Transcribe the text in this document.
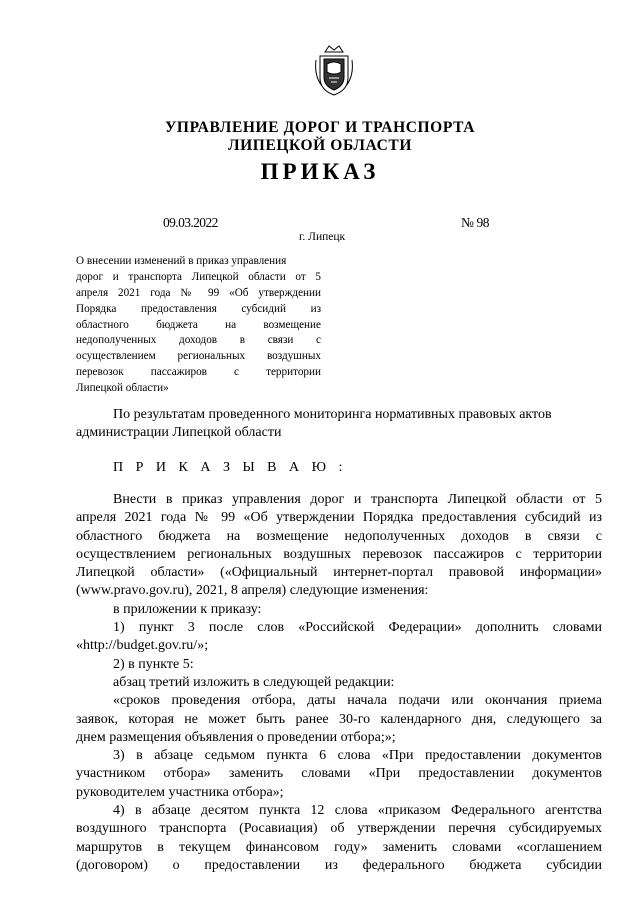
УПРАВЛЕНИЕ ДОРОГ И ТРАНСПОРТА
ЛИПЕЦКОЙ ОБЛАСТИ
ПРИКАЗ
09.03.2022	№ 98
г. Липецк
О внесении изменений в приказ управления
дорог и транспорта Липецкой области от 5
апреля 2021 года № 99 «Об утверждении
Порядка предоставления субсидий из
областного бюджета на возмещение
недополученных доходов в связи с
осуществлением региональных воздушных
перевозок пассажиров с территории
Липецкой области»
По результатам проведенного мониторинга нормативных правовых актов
администрации Липецкой области
П Р И К А З Ы В А Ю :
Внести в приказ управления дорог и транспорта Липецкой области от 5
апреля 2021 года № 99 «Об утверждении Порядка предоставления субсидий из
областного бюджета на возмещение недополученных доходов в связи с
осуществлением региональных воздушных перевозок пассажиров с территории
Липецкой области» («Официальный интернет-портал правовой информации»
(www.pravo.gov.ru), 2021, 8 апреля) следующие изменения:
в приложении к приказу:
1) пункт 3 после слов «Российской Федерации» дополнить словами
«http://budget.gov.ru/»;
2) в пункте 5:
абзац третий изложить в следующей редакции:
«сроков проведения отбора, даты начала подачи или окончания приема
заявок, которая не может быть ранее 30-го календарного дня, следующего за
днем размещения объявления о проведении отбора;»;
3) в абзаце седьмом пункта 6 слова «При предоставлении документов
участником отбора» заменить словами «При предоставлении документов
руководителем участника отбора»;
4) в абзаце десятом пункта 12 слова «приказом Федерального агентства
воздушного транспорта (Росавиация) об утверждении перечня субсидируемых
маршрутов в текущем финансовом году» заменить словами «соглашением
(договором) о предоставлении из федерального бюджета субсидии
